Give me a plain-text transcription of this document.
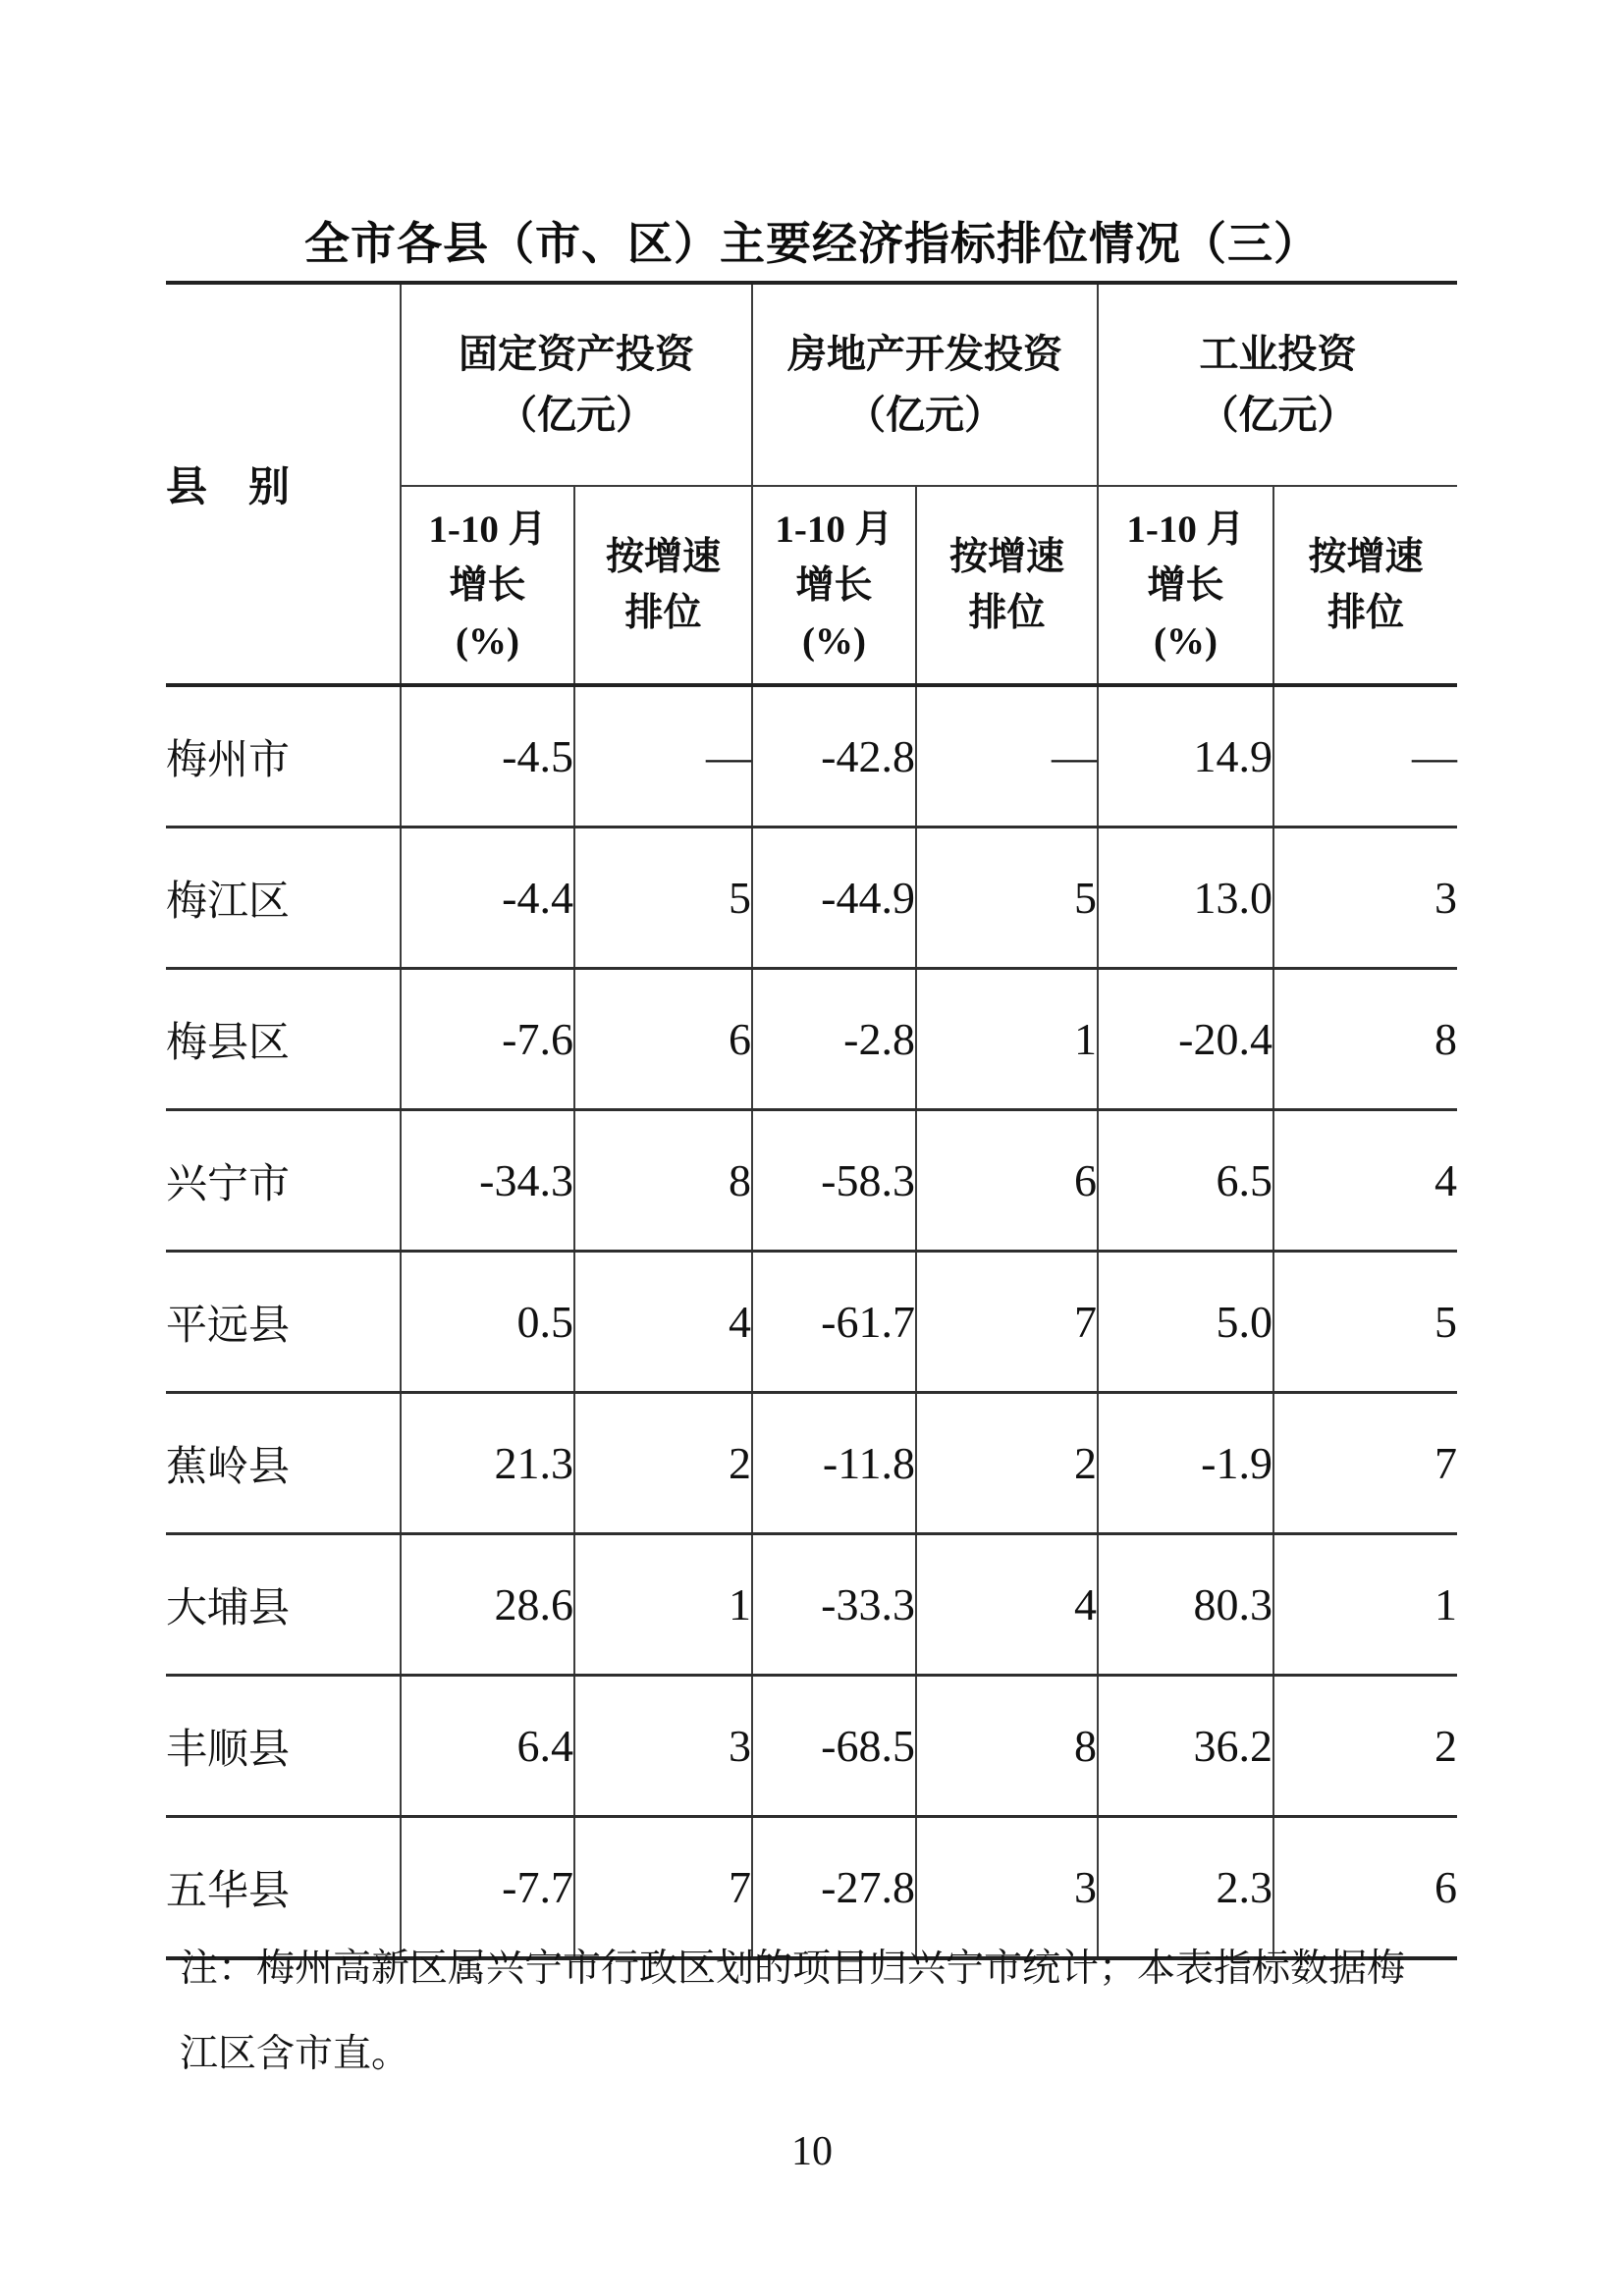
全市各县（市、区）主要经济指标排位情况（三）
县　别	
固定资产投资
（亿元）

房地产开发投资
（亿元）

工业投资
（亿元）

1-10 月
增长
(%)

按增速
排位

1-10 月
增长
(%)

按增速
排位

1-10 月
增长
(%)

按增速
排位

梅州市	-4.5	—	-42.8	—	14.9	—
梅江区	-4.4	5	-44.9	5	13.0	3
梅县区	-7.6	6	-2.8	1	-20.4	8
兴宁市	-34.3	8	-58.3	6	6.5	4
平远县	0.5	4	-61.7	7	5.0	5
蕉岭县	21.3	2	-11.8	2	-1.9	7
大埔县	28.6	1	-33.3	4	80.3	1
丰顺县	6.4	3	-68.5	8	36.2	2
五华县	-7.7	7	-27.8	3	2.3	6
注：梅州高新区属兴宁市行政区划的项目归兴宁市统计；本表指标数据梅
江区含市直。
10
